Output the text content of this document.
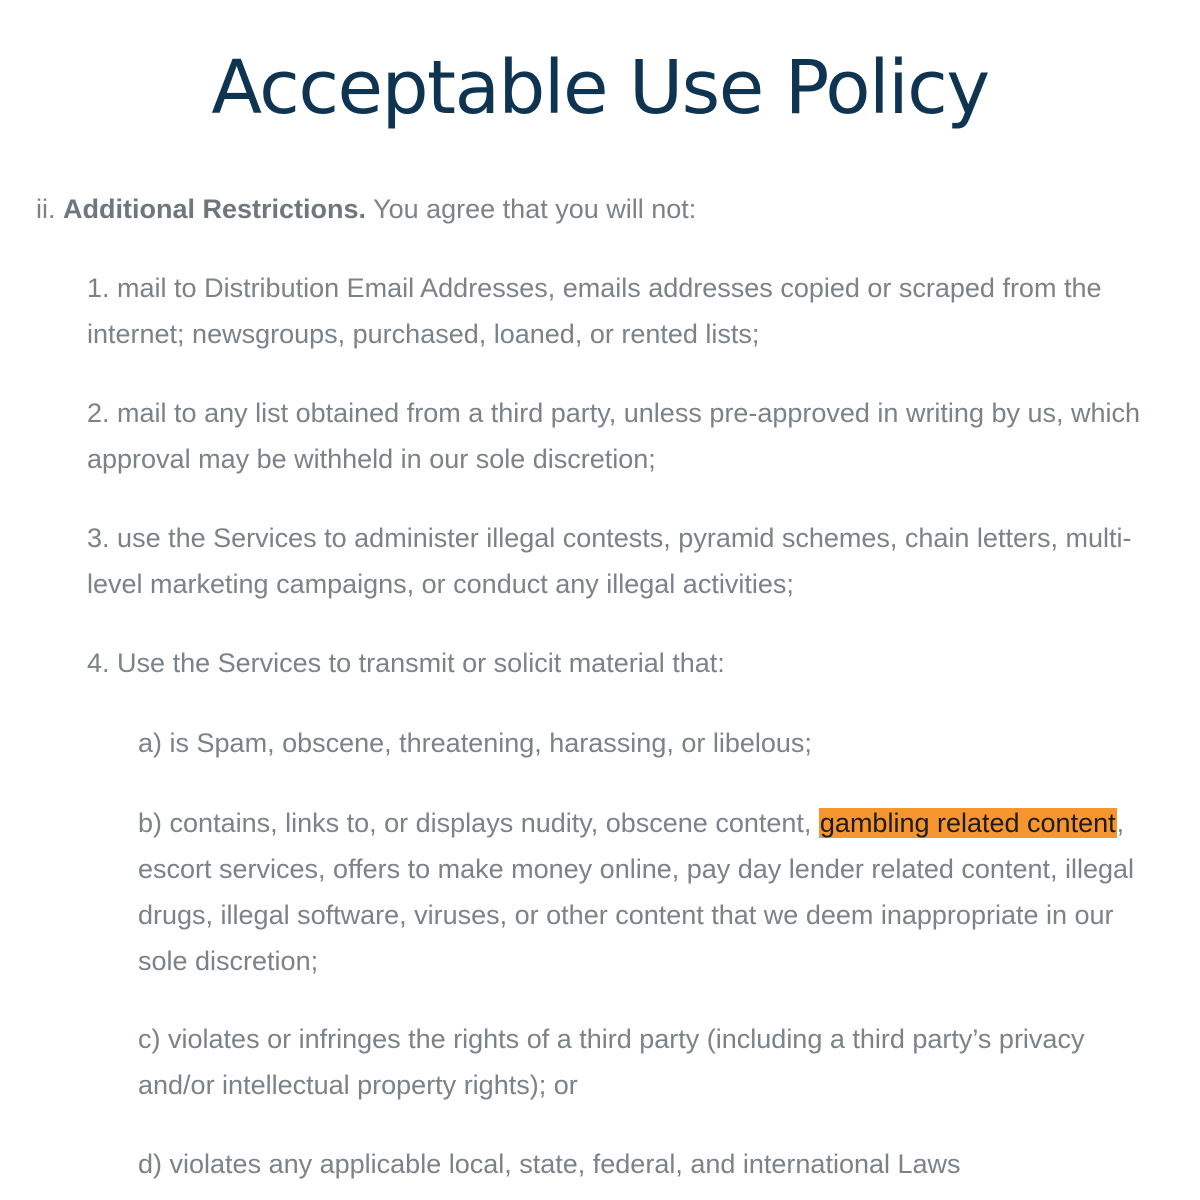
Acceptable Use Policy

ii. Additional Restrictions. You agree that you will not:

1. mail to Distribution Email Addresses, emails addresses copied or scraped from the internet; newsgroups, purchased, loaned, or rented lists;

2. mail to any list obtained from a third party, unless pre-approved in writing by us, which approval may be withheld in our sole discretion;

3. use the Services to administer illegal contests, pyramid schemes, chain letters, multi-level marketing campaigns, or conduct any illegal activities;

4. Use the Services to transmit or solicit material that:

a) is Spam, obscene, threatening, harassing, or libelous;

b) contains, links to, or displays nudity, obscene content, gambling related content, escort services, offers to make money online, pay day lender related content, illegal drugs, illegal software, viruses, or other content that we deem inappropriate in our sole discretion;

c) violates or infringes the rights of a third party (including a third party’s privacy and/or intellectual property rights); or

d) violates any applicable local, state, federal, and international Laws
